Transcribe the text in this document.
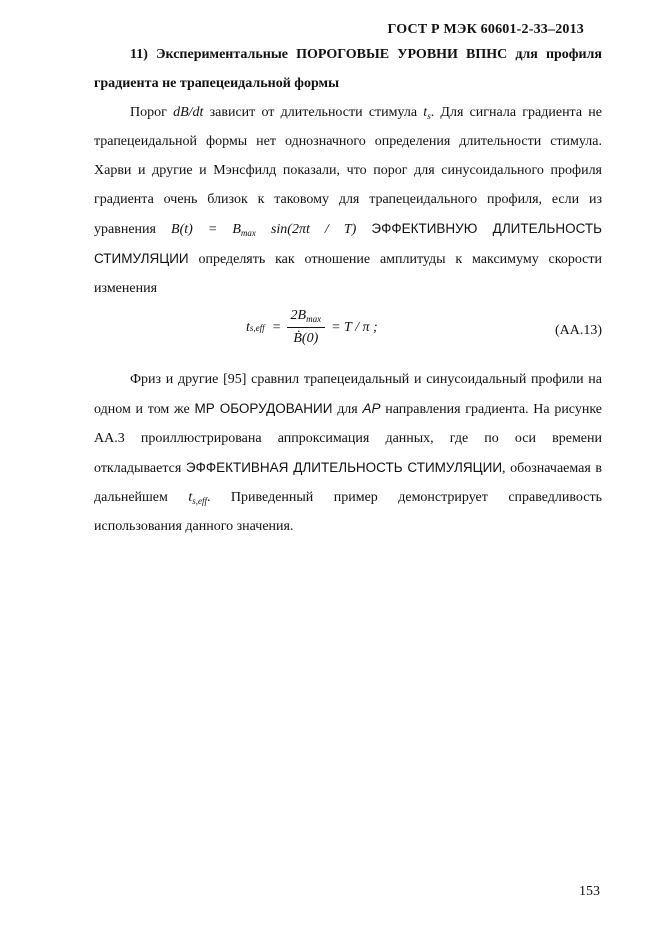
ГОСТ Р МЭК 60601-2-33–2013

11) Экспериментальные ПОРОГОВЫЕ УРОВНИ ВПНС для профиля градиента не трапецеидальной формы

Порог dB/dt зависит от длительности стимула $t_s$. Для сигнала градиента не трапецеидальной формы нет однозначного определения длительности стимула. Харви и другие и Мэнсфилд показали, что порог для синусоидального профиля градиента очень близок к таковому для трапецеидального профиля, если из уравнения $B(t) = B_{max}$ sin(2πt / T) ЭФФЕКТИВНУЮ ДЛИТЕЛЬНОСТЬ СТИМУЛЯЦИИ определять как отношение амплитуды к максимуму скорости изменения

t $s,eff = \frac{2B_{max}}{\text{Ḃ(0)}} = T / \pi$ ;	(AA.13)

Фриз и другие [95] сравнил трапецеидальный и синусоидальный профили на одном и том же МР ОБОРУДОВАНИИ для АР направления градиента. На рисунке АА.3 проиллюстрирована аппроксимация данных, где по оси времени откладывается ЭФФЕКТИВНАЯ ДЛИТЕЛЬНОСТЬ СТИМУЛЯЦИИ, обозначаемая в дальнейшем $t_{s,eff}$. Приведенный пример демонстрирует справедливость использования данного значения.

153
